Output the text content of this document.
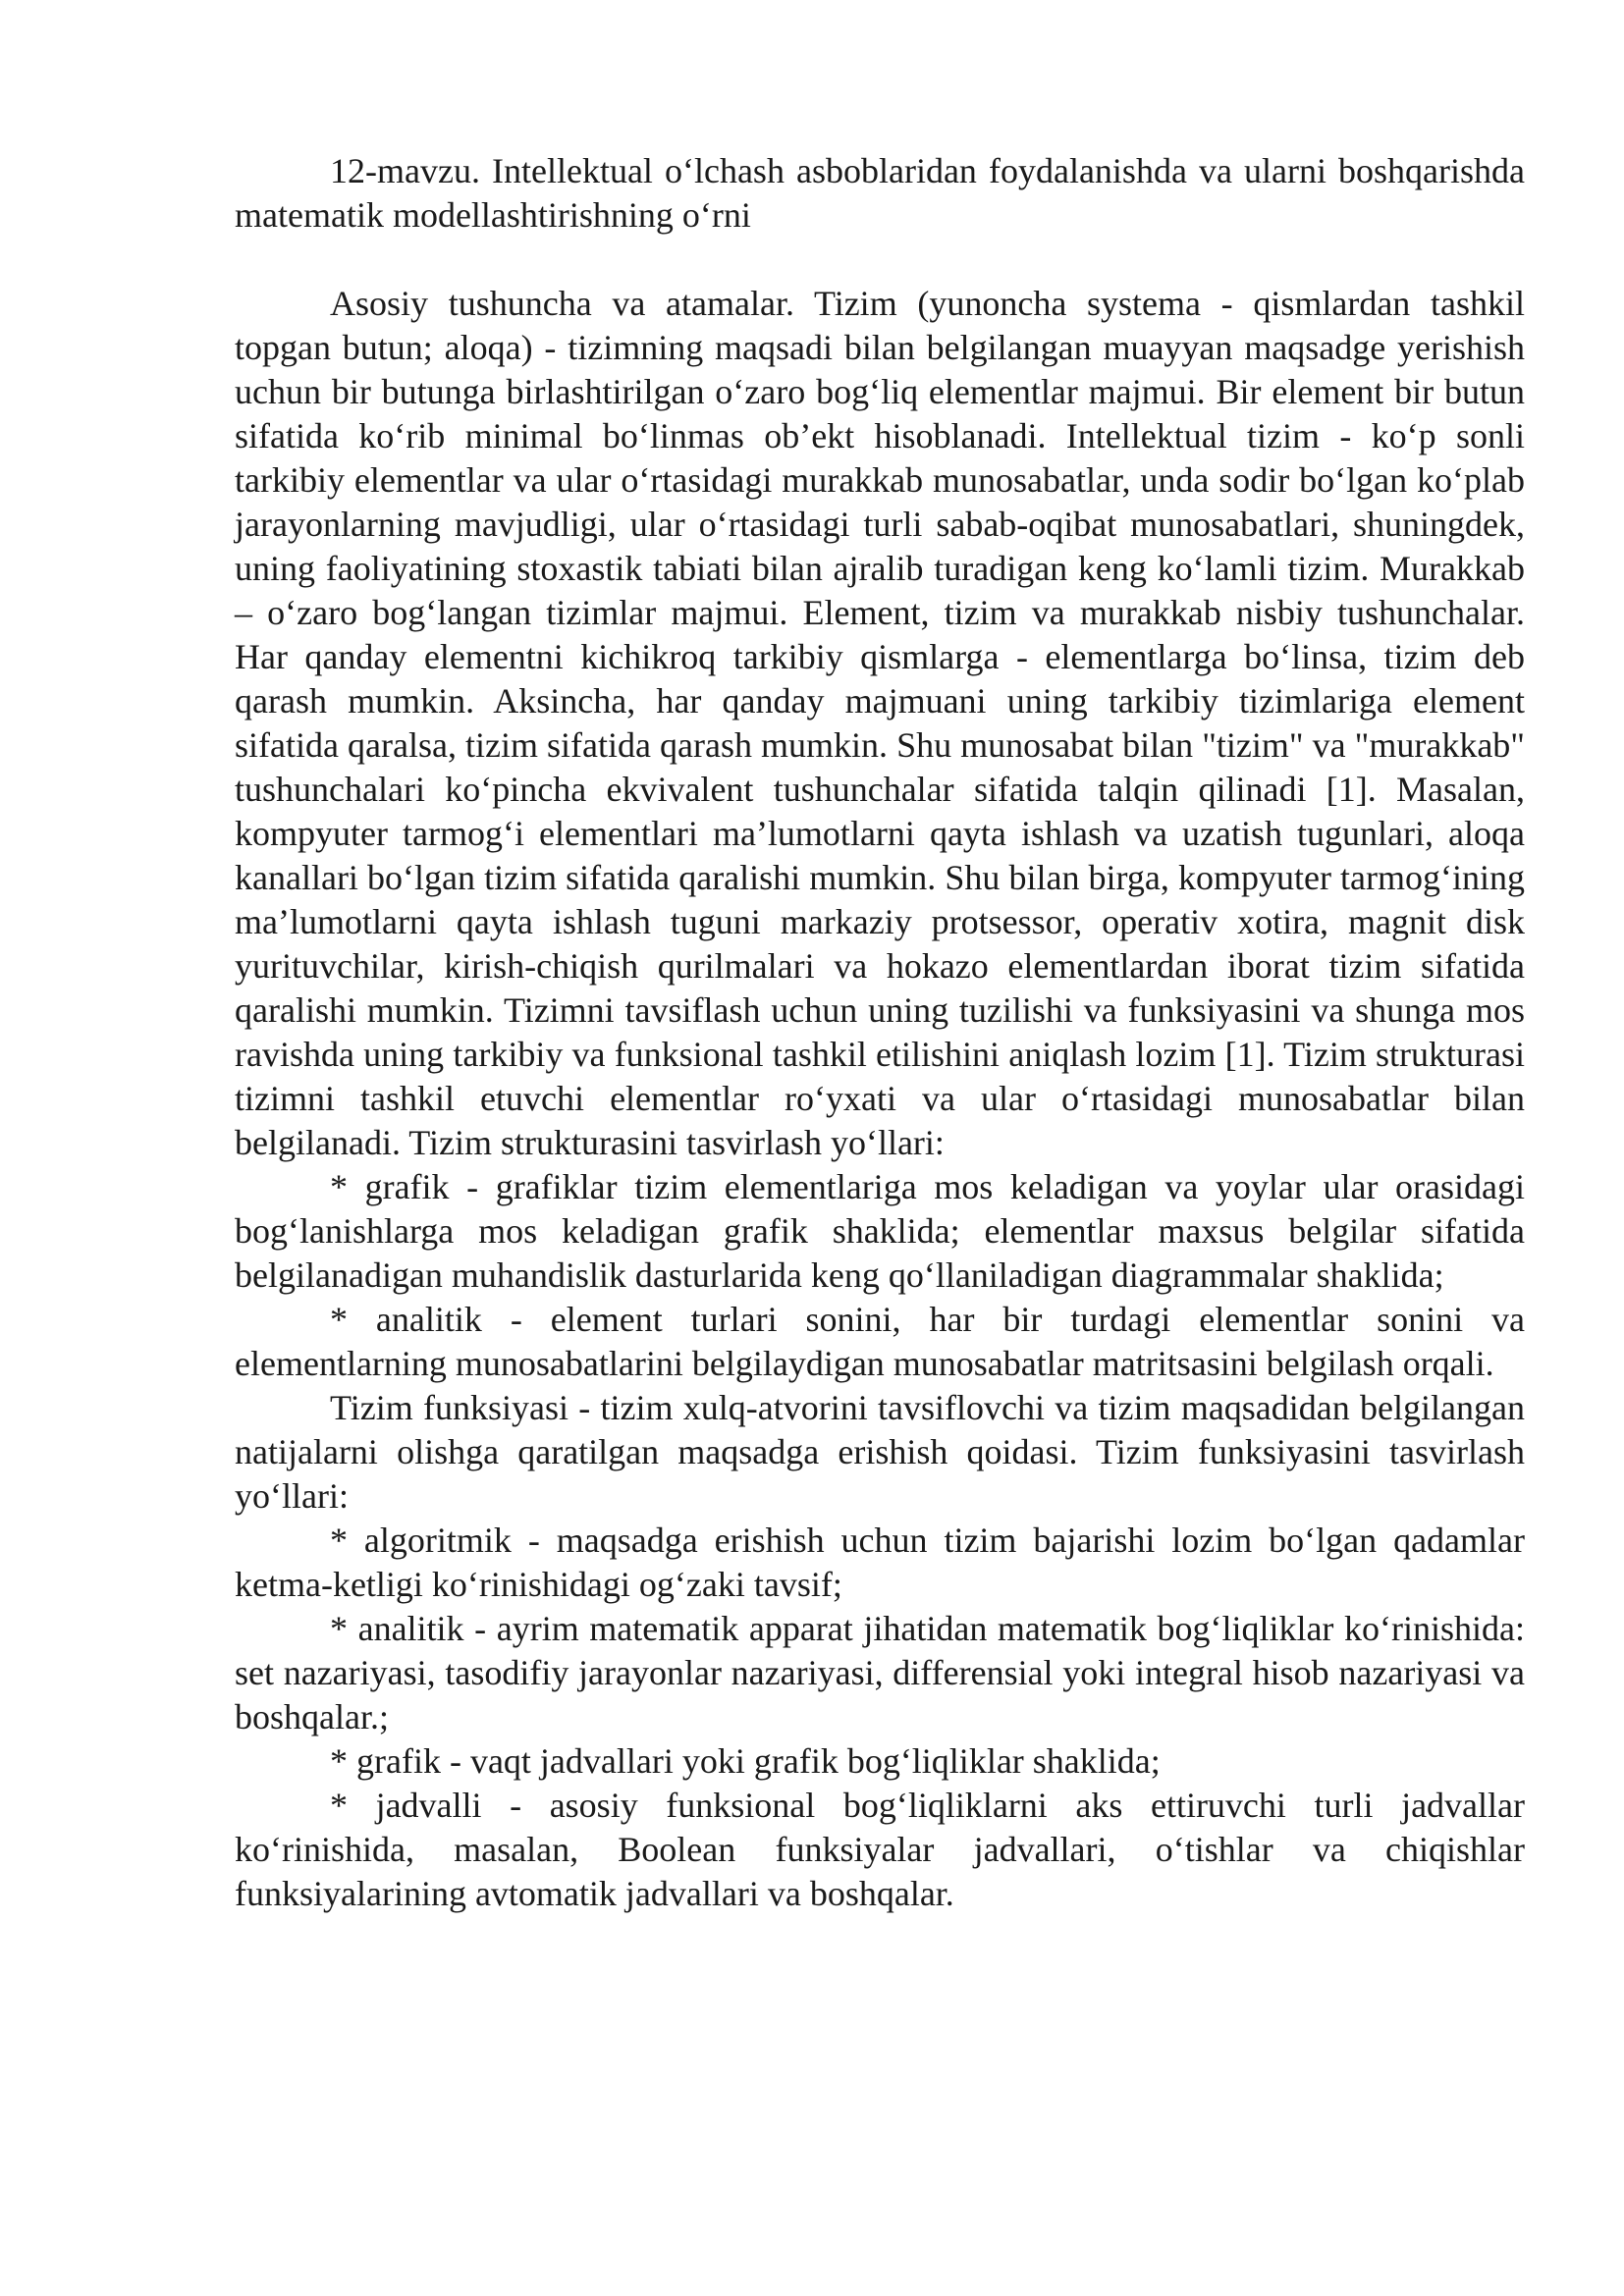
12-mavzu. Intellektual o‘lchash asboblaridan foydalanishda va ularni boshqarishda matematik modellashtirishning o‘rni

Asosiy tushuncha va atamalar. Tizim (yunoncha systema - qismlardan tashkil topgan butun; aloqa) - tizimning maqsadi bilan belgilangan muayyan maqsadge yerishish uchun bir butunga birlashtirilgan o‘zaro bog‘liq elementlar majmui. Bir element bir butun sifatida ko‘rib minimal bo‘linmas ob’ekt hisoblanadi. Intellektual tizim - ko‘p sonli tarkibiy elementlar va ular o‘rtasidagi murakkab munosabatlar, unda sodir bo‘lgan ko‘plab jarayonlarning mavjudligi, ular o‘rtasidagi turli sabab-oqibat munosabatlari, shuningdek, uning faoliyatining stoxastik tabiati bilan ajralib turadigan keng ko‘lamli tizim. Murakkab – o‘zaro bog‘langan tizimlar majmui. Element, tizim va murakkab nisbiy tushunchalar. Har qanday elementni kichikroq tarkibiy qismlarga - elementlarga bo‘linsa, tizim deb qarash mumkin. Aksincha, har qanday majmuani uning tarkibiy tizimlariga element sifatida qaralsa, tizim sifatida qarash mumkin. Shu munosabat bilan "tizim" va "murakkab" tushunchalari ko‘pincha ekvivalent tushunchalar sifatida talqin qilinadi [1]. Masalan, kompyuter tarmog‘i elementlari ma’lumotlarni qayta ishlash va uzatish tugunlari, aloqa kanallari bo‘lgan tizim sifatida qaralishi mumkin. Shu bilan birga, kompyuter tarmog‘ining ma’lumotlarni qayta ishlash tuguni markaziy protsessor, operativ xotira, magnit disk yurituvchilar, kirish-chiqish qurilmalari va hokazo elementlardan iborat tizim sifatida qaralishi mumkin. Tizimni tavsiflash uchun uning tuzilishi va funksiyasini va shunga mos ravishda uning tarkibiy va funksional tashkil etilishini aniqlash lozim [1]. Tizim strukturasi tizimni tashkil etuvchi elementlar ro‘yxati va ular o‘rtasidagi munosabatlar bilan belgilanadi. Tizim strukturasini tasvirlash yo‘llari:

* grafik - grafiklar tizim elementlariga mos keladigan va yoylar ular orasidagi bog‘lanishlarga mos keladigan grafik shaklida; elementlar maxsus belgilar sifatida belgilanadigan muhandislik dasturlarida keng qo‘llaniladigan diagrammalar shaklida;

* analitik - element turlari sonini, har bir turdagi elementlar sonini va elementlarning munosabatlarini belgilaydigan munosabatlar matritsasini belgilash orqali.

Tizim funksiyasi - tizim xulq-atvorini tavsiflovchi va tizim maqsadidan belgilangan natijalarni olishga qaratilgan maqsadga erishish qoidasi. Tizim funksiyasini tasvirlash yo‘llari:

* algoritmik - maqsadga erishish uchun tizim bajarishi lozim bo‘lgan qadamlar ketma-ketligi ko‘rinishidagi og‘zaki tavsif;

* analitik - ayrim matematik apparat jihatidan matematik bog‘liqliklar ko‘rinishida: set nazariyasi, tasodifiy jarayonlar nazariyasi, differensial yoki integral hisob nazariyasi va boshqalar.;

* grafik - vaqt jadvallari yoki grafik bog‘liqliklar shaklida;

* jadvalli - asosiy funksional bog‘liqliklarni aks ettiruvchi turli jadvallar ko‘rinishida, masalan, Boolean funksiyalar jadvallari, o‘tishlar va chiqishlar funksiyalarining avtomatik jadvallari va boshqalar.
